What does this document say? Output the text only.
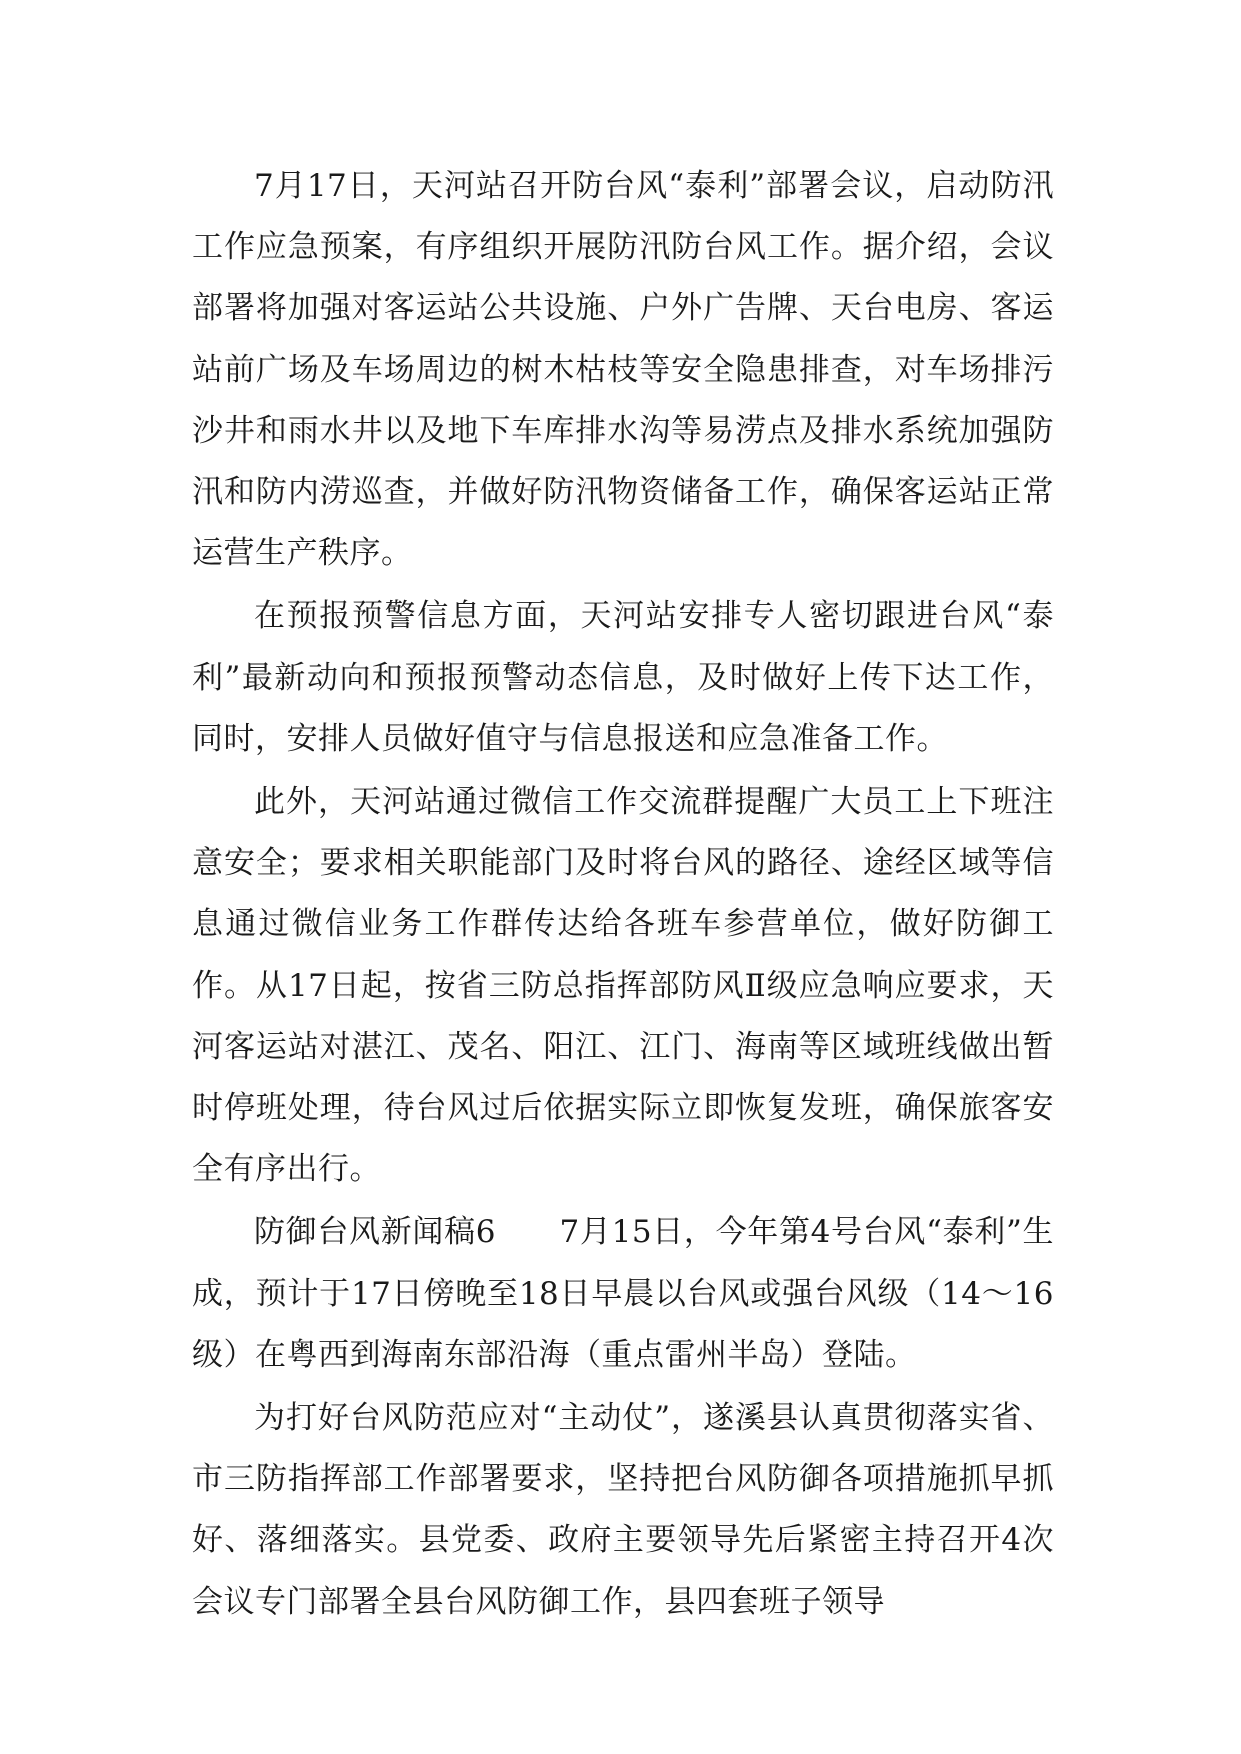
7月17日，天河站召开防台风“泰利”部署会议，启动防汛工作应急预案，有序组织开展防汛防台风工作。据介绍，会议部署将加强对客运站公共设施、户外广告牌、天台电房、客运站前广场及车场周边的树木枯枝等安全隐患排查，对车场排污沙井和雨水井以及地下车库排水沟等易涝点及排水系统加强防汛和防内涝巡查，并做好防汛物资储备工作，确保客运站正常运营生产秩序。

在预报预警信息方面，天河站安排专人密切跟进台风“泰利”最新动向和预报预警动态信息，及时做好上传下达工作，同时，安排人员做好值守与信息报送和应急准备工作。

此外，天河站通过微信工作交流群提醒广大员工上下班注意安全；要求相关职能部门及时将台风的路径、途经区域等信息通过微信业务工作群传达给各班车参营单位，做好防御工作。从17日起，按省三防总指挥部防风Ⅱ级应急响应要求，天河客运站对湛江、茂名、阳江、江门、海南等区域班线做出暂时停班处理，待台风过后依据实际立即恢复发班，确保旅客安全有序出行。

防御台风新闻稿6　　7月15日，今年第4号台风“泰利”生成，预计于17日傍晚至18日早晨以台风或强台风级（14～16级）在粤西到海南东部沿海（重点雷州半岛）登陆。

为打好台风防范应对“主动仗”，遂溪县认真贯彻落实省、市三防指挥部工作部署要求，坚持把台风防御各项措施抓早抓好、落细落实。县党委、政府主要领导先后紧密主持召开4次会议专门部署全县台风防御工作，县四套班子领导
